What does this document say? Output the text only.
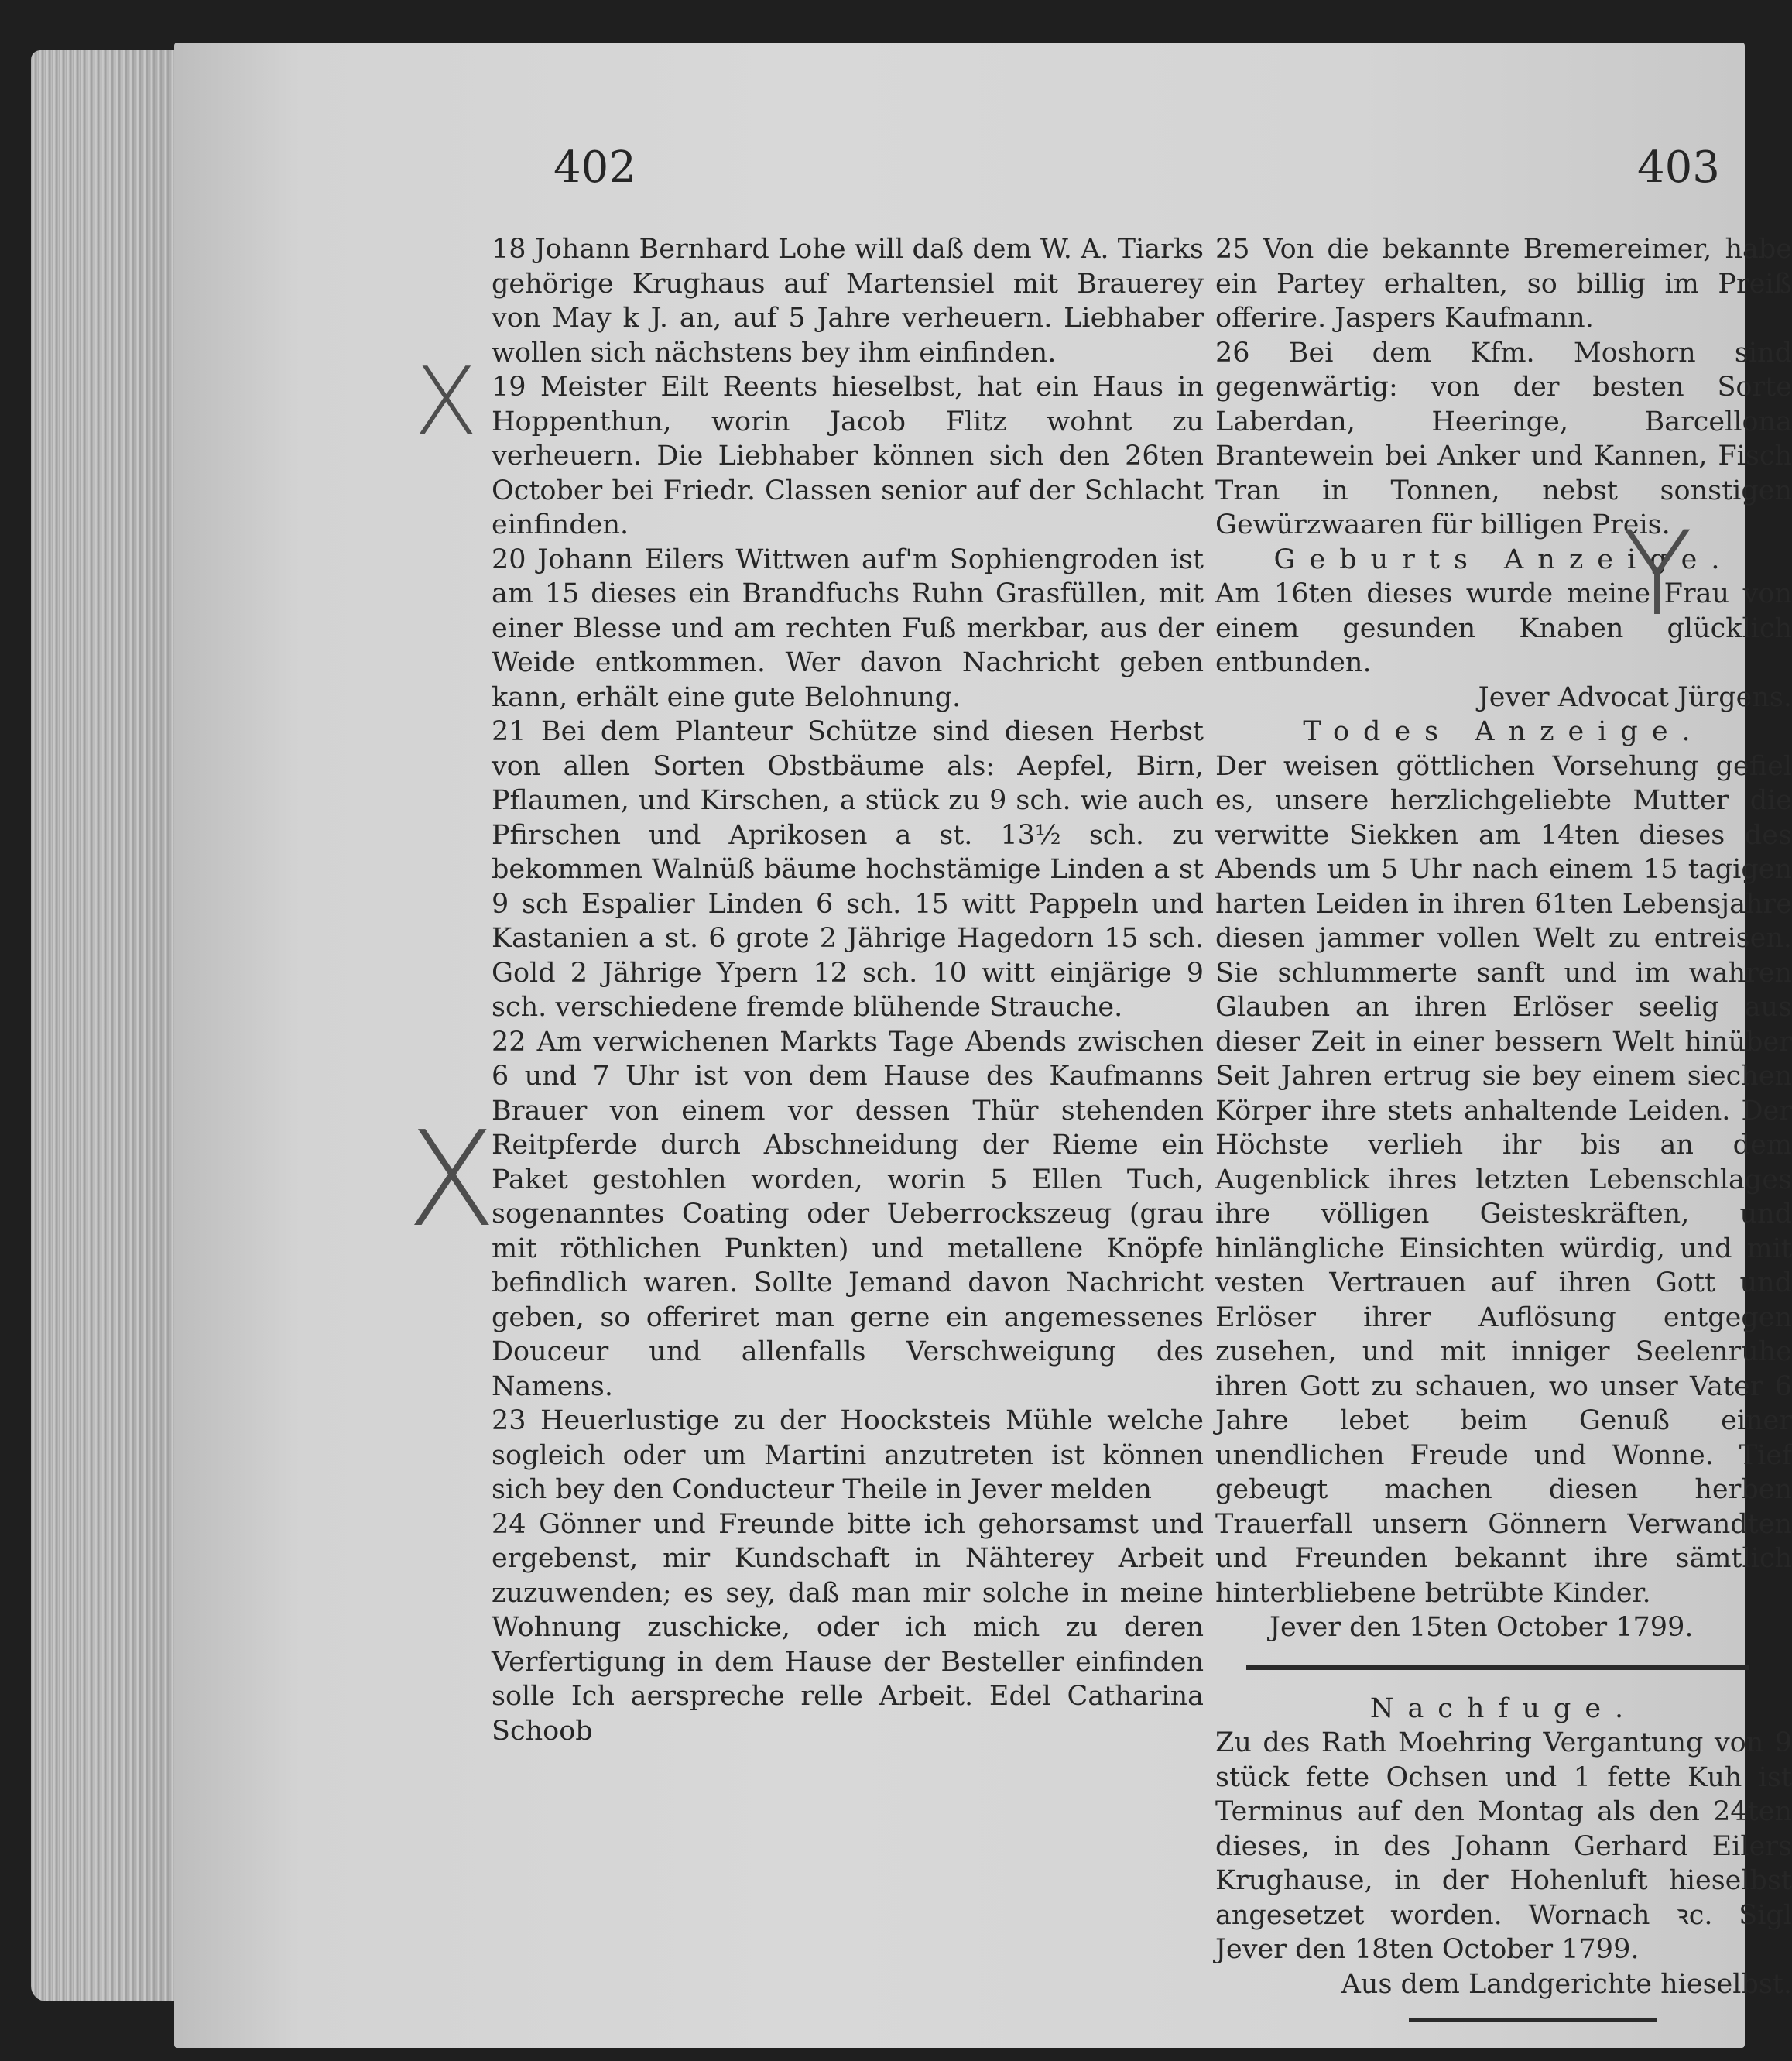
402	403

18 Johann Bernhard Lohe will daß dem W. A. Tiarks gehörige Krughaus auf Martensiel mit Brauerey von May k J. an, auf 5 Jahre verheuern. Liebhaber wollen sich nächstens bey ihm einfinden.

19 Meister Eilt Reents hieselbst, hat ein Haus in Hoppenthun, worin Jacob Flitz wohnt zu verheuern. Die Liebhaber können sich den 26ten October bei Friedr. Classen senior auf der Schlacht einfinden.

20 Johann Eilers Wittwen auf'm Sophiengroden ist am 15 dieses ein Brandfuchs Ruhn Grasfüllen, mit einer Blesse und am rechten Fuß merkbar, aus der Weide entkommen. Wer davon Nachricht geben kann, erhält eine gute Belohnung.

21 Bei dem Planteur Schütze sind diesen Herbst von allen Sorten Obstbäume als: Aepfel, Birn, Pflaumen, und Kirschen, a stück zu 9 sch. wie auch Pfirschen und Aprikosen a st. 13½ sch. zu bekommen Walnüß bäume hochstämige Linden a st 9 sch Espalier Linden 6 sch. 15 witt Pappeln und Kastanien a st. 6 grote 2 Jährige Hagedorn 15 sch. Gold 2 Jährige Ypern 12 sch. 10 witt einjärige 9 sch. verschiedene fremde blühende Strauche.

22 Am verwichenen Markts Tage Abends zwischen 6 und 7 Uhr ist von dem Hause des Kaufmanns Brauer von einem vor dessen Thür stehenden Reitpferde durch Abschneidung der Rieme ein Paket gestohlen worden, worin 5 Ellen Tuch, sogenanntes Coating oder Ueberrockszeug (grau mit röthlichen Punkten) und metallene Knöpfe befindlich waren. Sollte Jemand davon Nachricht geben, so offeriret man gerne ein angemessenes Douceur und allenfalls Verschweigung des Namens.

23 Heuerlustige zu der Hoocksteis Mühle welche sogleich oder um Martini anzutreten ist können sich bey den Conducteur Theile in Jever melden

24 Gönner und Freunde bitte ich gehorsamst und ergebenst, mir Kundschaft in Nähterey Arbeit zuzuwenden; es sey, daß man mir solche in meine Wohnung zuschicke, oder ich mich zu deren Verfertigung in dem Hause der Besteller einfinden solle Ich aerspreche relle Arbeit. Edel Catharina Schoob

25 Von die bekannte Bremereimer, habe ein Partey erhalten, so billig im Preiß offerire. Jaspers Kaufmann.

26 Bei dem Kfm. Moshorn sind gegenwärtig: von der besten Sorte Laberdan, Heeringe, Barcellona Brantewein bei Anker und Kannen, Fisch Tran in Tonnen, nebst sonstigen Gewürzwaaren für billigen Preis.

Geburts Anzeige.

Am 16ten dieses wurde meine Frau von einem gesunden Knaben glücklich entbunden.

Jever Advocat Jürgens.

Todes Anzeige.

Der weisen göttlichen Vorsehung gefiel es, unsere herzlichgeliebte Mutter die verwitte Siekken am 14ten dieses des Abends um 5 Uhr nach einem 15 tagigen harten Leiden in ihren 61ten Lebensjahre diesen jammer vollen Welt zu entreisen. Sie schlummerte sanft und im wahren Glauben an ihren Erlöser seelig aus dieser Zeit in einer bessern Welt hinüber Seit Jahren ertrug sie bey einem siechen Körper ihre stets anhaltende Leiden. Der Höchste verlieh ihr bis an dem Augenblick ihres letzten Lebenschlages ihre völligen Geisteskräften, und hinlängliche Einsichten würdig, und mit vesten Vertrauen auf ihren Gott und Erlöser ihrer Auflösung entgegen zusehen, und mit inniger Seelenruhe ihren Gott zu schauen, wo unser Vater 6 Jahre lebet beim Genuß einer unendlichen Freude und Wonne. Tief gebeugt machen diesen herben Trauerfall unsern Gönnern Verwandten und Freunden bekannt ihre sämtlich hinterbliebene betrübte Kinder.

Jever den 15ten October 1799.

Nachfuge.

Zu des Rath Moehring Vergantung von 9 stück fette Ochsen und 1 fette Kuh ist Terminus auf den Montag als den 24ten dieses, in des Johann Gerhard Eilers Krughause, in der Hohenluft hieselbst angesetzet worden. Wornach ꝛc. Sigl Jever den 18ten October 1799.

Aus dem Landgerichte hieselbst.

X

X

Y
